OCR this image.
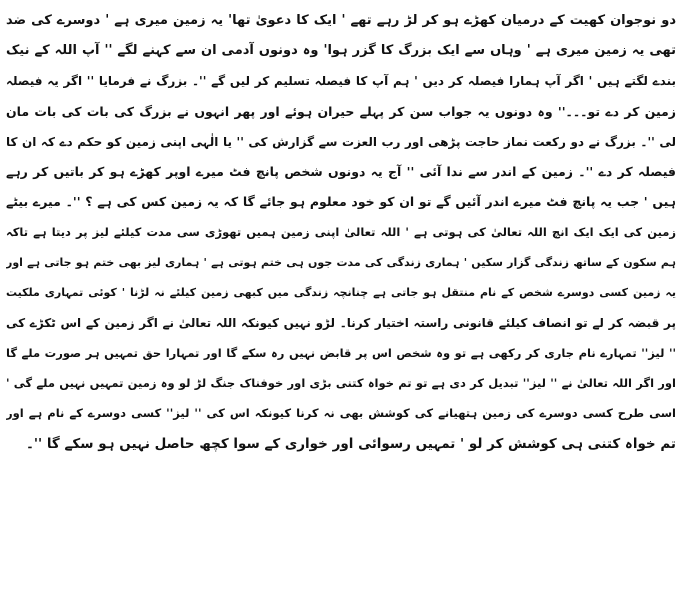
دو نوجوان کھیت کے درمیان کھڑے ہو کر لڑ رہے تھے ' ایک کا دعویٰ تھا' یہ زمین میری ہے ' دوسرے کی ضد
تھی یہ زمین میری ہے ' وہاں سے ایک بزرگ کا گزر ہوا' وہ دونوں آدمی ان سے کہنے لگے '' آپ اللہ کے نیک
بندے لگتے ہیں ' اگر آپ ہمارا فیصلہ کر دیں ' ہم آپ کا فیصلہ تسلیم کر لیں گے ''۔ بزرگ نے فرمایا '' اگر یہ فیصلہ
زمین کر دے تو۔۔۔'' وہ دونوں یہ جواب سن کر پہلے حیران ہوئے اور پھر انہوں نے بزرگ کی بات کی بات مان
لی ''۔ بزرگ نے دو رکعت نماز حاجت پڑھی اور رب العزت سے گزارش کی '' یا الٰہی اپنی زمین کو حکم دے کہ ان کا
فیصلہ کر دے ''۔ زمین کے اندر سے ندا آئی '' آج یہ دونوں شخص پانچ فٹ میرے اوپر کھڑے ہو کر باتیں کر رہے
ہیں ' جب یہ پانچ فٹ میرے اندر آئیں گے تو ان کو خود معلوم ہو جائے گا کہ یہ زمین کس کی ہے ؟ ''۔ میرے بیٹے
زمین کی ایک ایک انچ اللہ تعالیٰ کی ہوتی ہے ' اللہ تعالیٰ اپنی زمین ہمیں تھوڑی سی مدت کیلئے لیز پر دیتا ہے تاکہ
ہم سکون کے ساتھ زندگی گزار سکیں ' ہماری زندگی کی مدت جوں ہی ختم ہوتی ہے ' ہماری لیز بھی ختم ہو جاتی ہے اور
یہ زمین کسی دوسرے شخص کے نام منتقل ہو جاتی ہے چنانچہ زندگی میں کبھی زمین کیلئے نہ لڑنا ' کوئی تمہاری ملکیت
پر قبضہ کر لے تو انصاف کیلئے قانونی راستہ اختیار کرنا۔ لڑو نہیں کیونکہ اللہ تعالیٰ نے اگر زمین کے اس ٹکڑے کی
'' لیز'' تمہارے نام جاری کر رکھی ہے تو وہ شخص اس پر قابض نہیں رہ سکے گا اور تمہارا حق تمہیں ہر صورت ملے گا
اور اگر اللہ تعالیٰ نے '' لیز'' تبدیل کر دی ہے تو تم خواہ کتنی بڑی اور خوفناک جنگ لڑ لو وہ زمین تمہیں نہیں ملے گی '
اسی طرح کسی دوسرے کی زمین ہتھیانے کی کوشش بھی نہ کرنا کیونکہ اس کی '' لیز'' کسی دوسرے کے نام ہے اور
تم خواہ کتنی ہی کوشش کر لو ' تمہیں رسوائی اور خواری کے سوا کچھ حاصل نہیں ہو سکے گا ''۔
